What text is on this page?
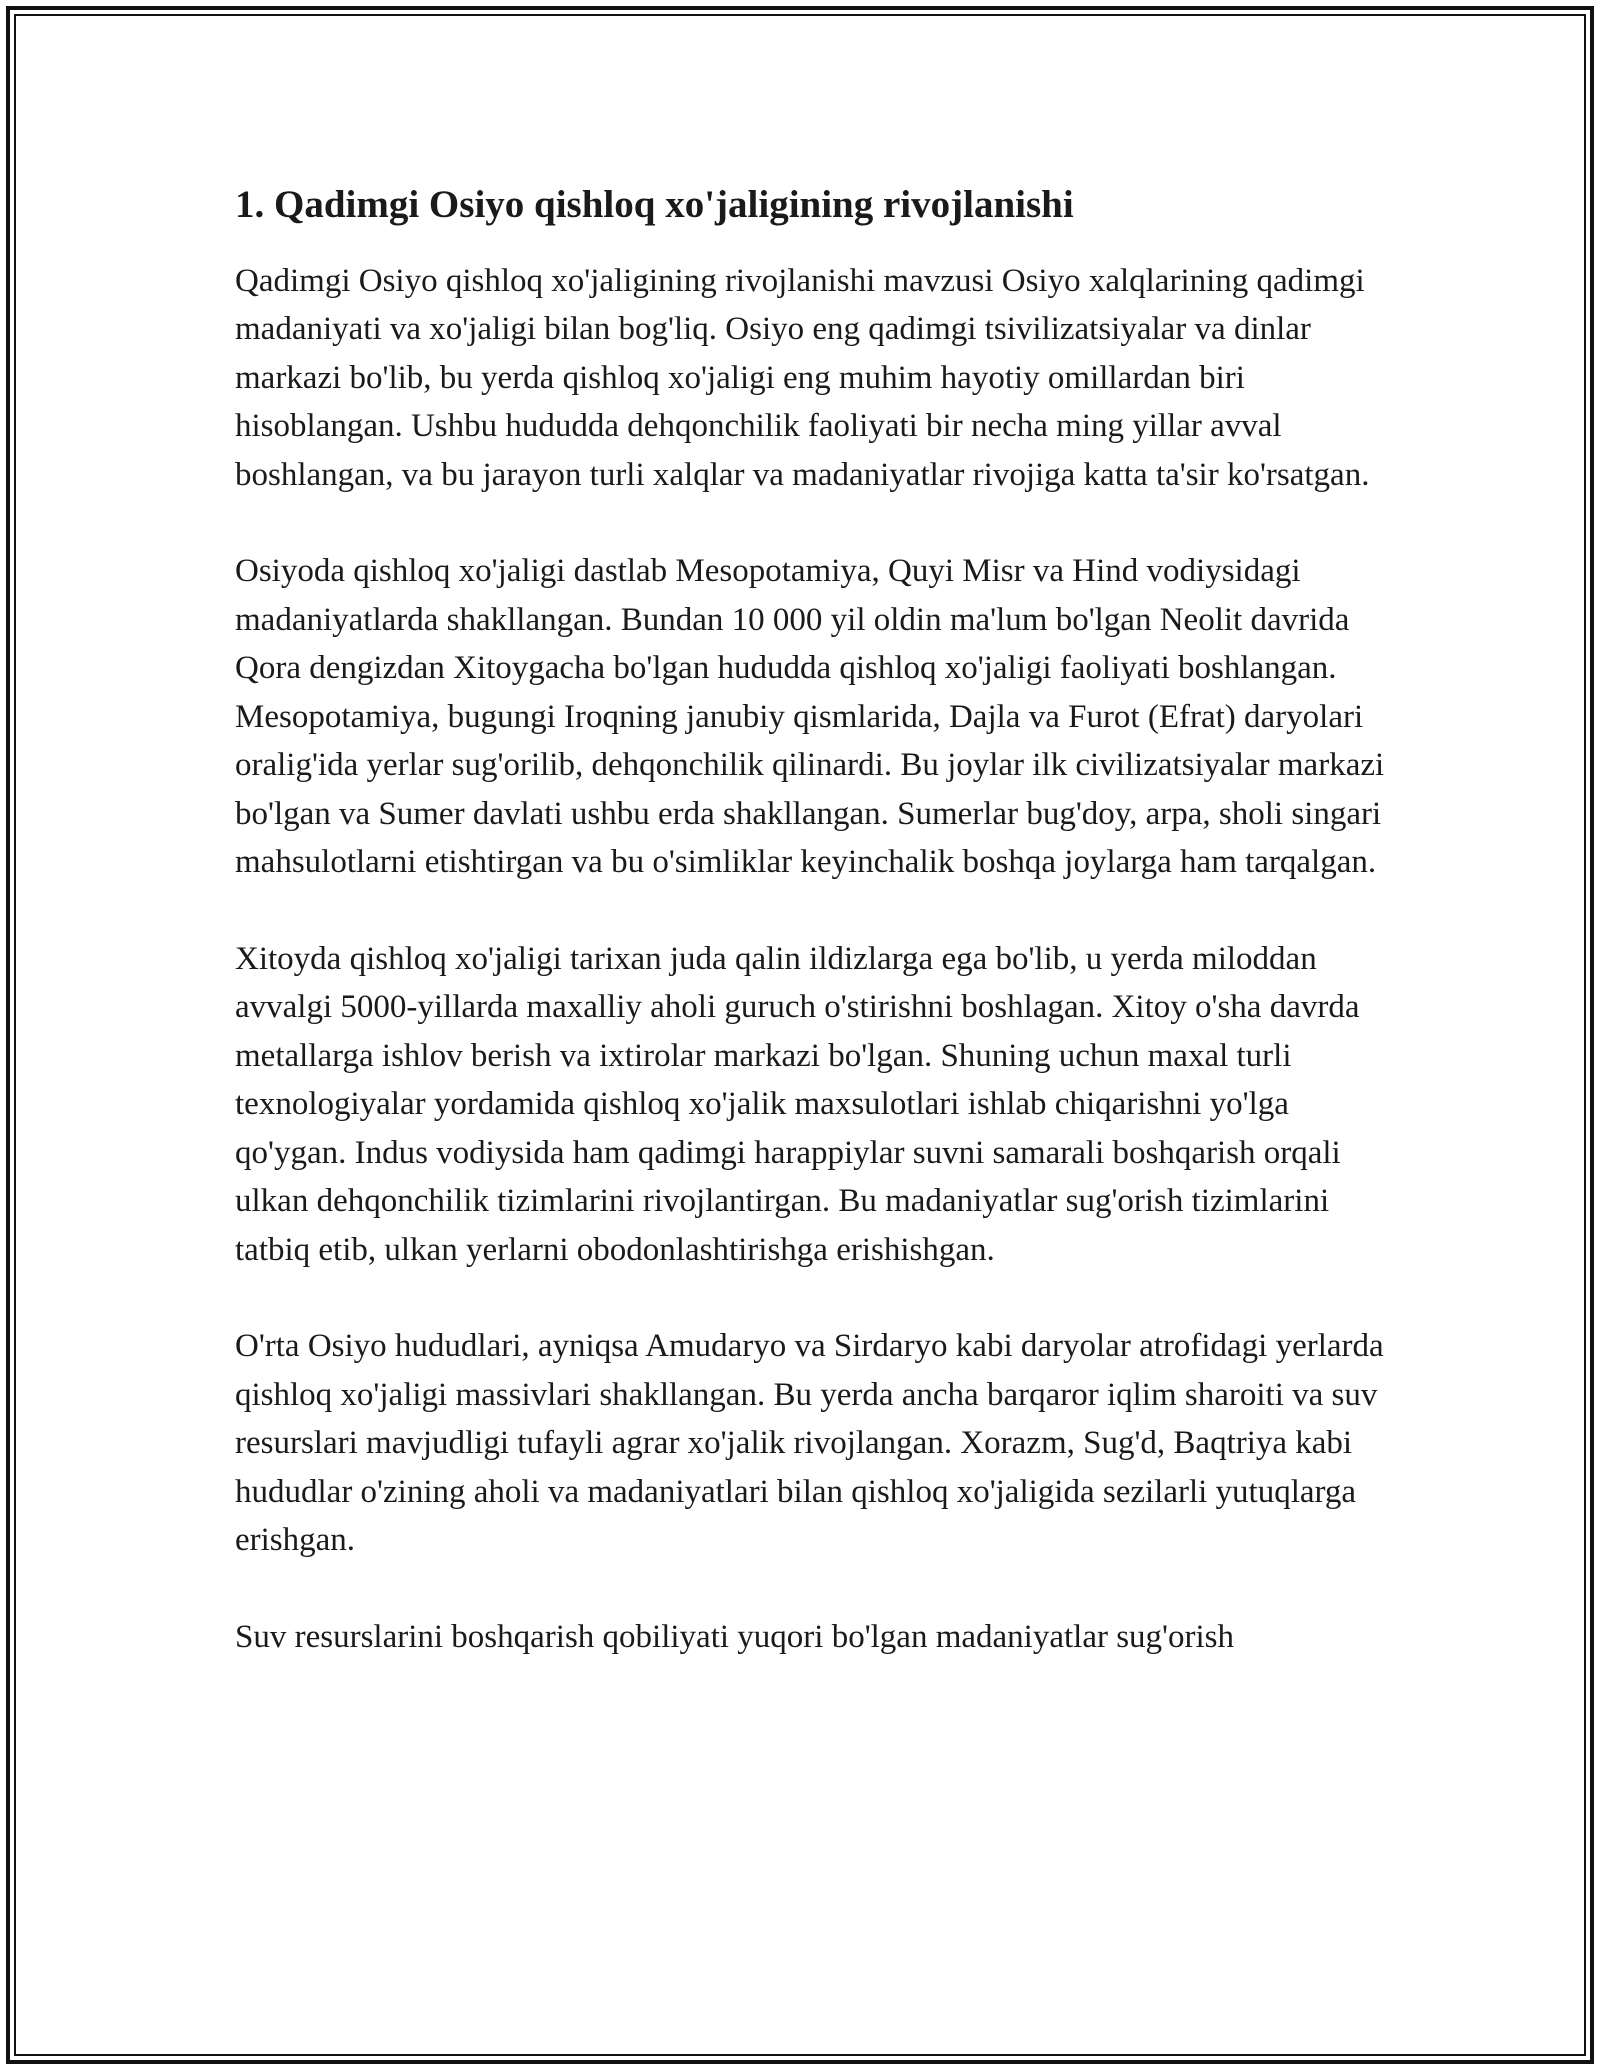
1. Qadimgi Osiyo qishloq xo'jaligining rivojlanishi

Qadimgi Osiyo qishloq xo'jaligining rivojlanishi mavzusi Osiyo xalqlarining qadimgi madaniyati va xo'jaligi bilan bog'liq. Osiyo eng qadimgi tsivilizatsiyalar va dinlar markazi bo'lib, bu yerda qishloq xo'jaligi eng muhim hayotiy omillardan biri hisoblangan. Ushbu hududda dehqonchilik faoliyati bir necha ming yillar avval boshlangan, va bu jarayon turli xalqlar va madaniyatlar rivojiga katta ta'sir ko'rsatgan.

Osiyoda qishloq xo'jaligi dastlab Mesopotamiya, Quyi Misr va Hind vodiysidagi madaniyatlarda shakllangan. Bundan 10 000 yil oldin ma'lum bo'lgan Neolit davrida Qora dengizdan Xitoygacha bo'lgan hududda qishloq xo'jaligi faoliyati boshlangan. Mesopotamiya, bugungi Iroqning janubiy qismlarida, Dajla va Furot (Efrat) daryolari oralig'ida yerlar sug'orilib, dehqonchilik qilinardi. Bu joylar ilk civilizatsiyalar markazi bo'lgan va Sumer davlati ushbu erda shakllangan. Sumerlar bug'doy, arpa, sholi singari mahsulotlarni etishtirgan va bu o'simliklar keyinchalik boshqa joylarga ham tarqalgan.

Xitoyda qishloq xo'jaligi tarixan juda qalin ildizlarga ega bo'lib, u yerda miloddan avvalgi 5000-yillarda maxalliy aholi guruch o'stirishni boshlagan. Xitoy o'sha davrda metallarga ishlov berish va ixtirolar markazi bo'lgan. Shuning uchun maxal turli texnologiyalar yordamida qishloq xo'jalik maxsulotlari ishlab chiqarishni yo'lga qo'ygan. Indus vodiysida ham qadimgi harappiylar suvni samarali boshqarish orqali ulkan dehqonchilik tizimlarini rivojlantirgan. Bu madaniyatlar sug'orish tizimlarini tatbiq etib, ulkan yerlarni obodonlashtirishga erishishgan.

O'rta Osiyo hududlari, ayniqsa Amudaryo va Sirdaryo kabi daryolar atrofidagi yerlarda qishloq xo'jaligi massivlari shakllangan. Bu yerda ancha barqaror iqlim sharoiti va suv resurslari mavjudligi tufayli agrar xo'jalik rivojlangan. Xorazm, Sug'd, Baqtriya kabi hududlar o'zining aholi va madaniyatlari bilan qishloq xo'jaligida sezilarli yutuqlarga erishgan.

Suv resurslarini boshqarish qobiliyati yuqori bo'lgan madaniyatlar sug'orish
